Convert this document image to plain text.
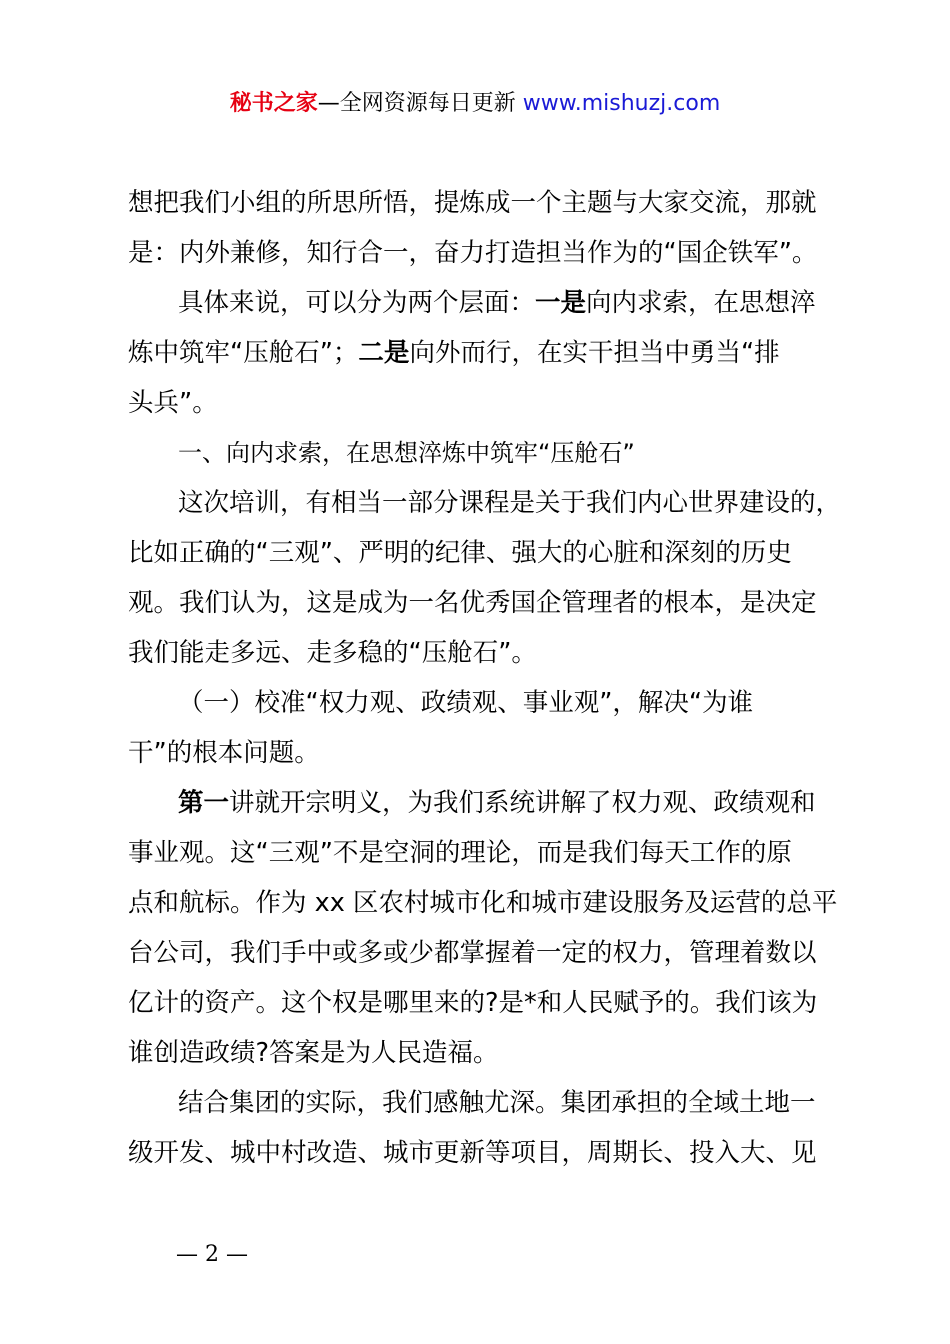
秘书之家—全网资源每日更新 www.mishuzj.com

想把我们小组的所思所悟，提炼成一个主题与大家交流，那就

是：内外兼修，知行合一，奋力打造担当作为的“国企铁军”。

具体来说，可以分为两个层面：一是向内求索，在思想淬

炼中筑牢“压舱石”；二是向外而行，在实干担当中勇当“排

头兵”。

一、向内求索，在思想淬炼中筑牢“压舱石”

这次培训，有相当一部分课程是关于我们内心世界建设的，

比如正确的“三观”、严明的纪律、强大的心脏和深刻的历史

观。我们认为，这是成为一名优秀国企管理者的根本，是决定

我们能走多远、走多稳的“压舱石”。

（一）校准“权力观、政绩观、事业观”，解决“为谁

干”的根本问题。

第一讲就开宗明义，为我们系统讲解了权力观、政绩观和

事业观。这“三观”不是空洞的理论，而是我们每天工作的原

点和航标。作为 xx 区农村城市化和城市建设服务及运营的总平

台公司，我们手中或多或少都掌握着一定的权力，管理着数以

亿计的资产。这个权是哪里来的?是*和人民赋予的。我们该为

谁创造政绩?答案是为人民造福。

结合集团的实际，我们感触尤深。集团承担的全域土地一

级开发、城中村改造、城市更新等项目，周期长、投入大、见

— 2 —
